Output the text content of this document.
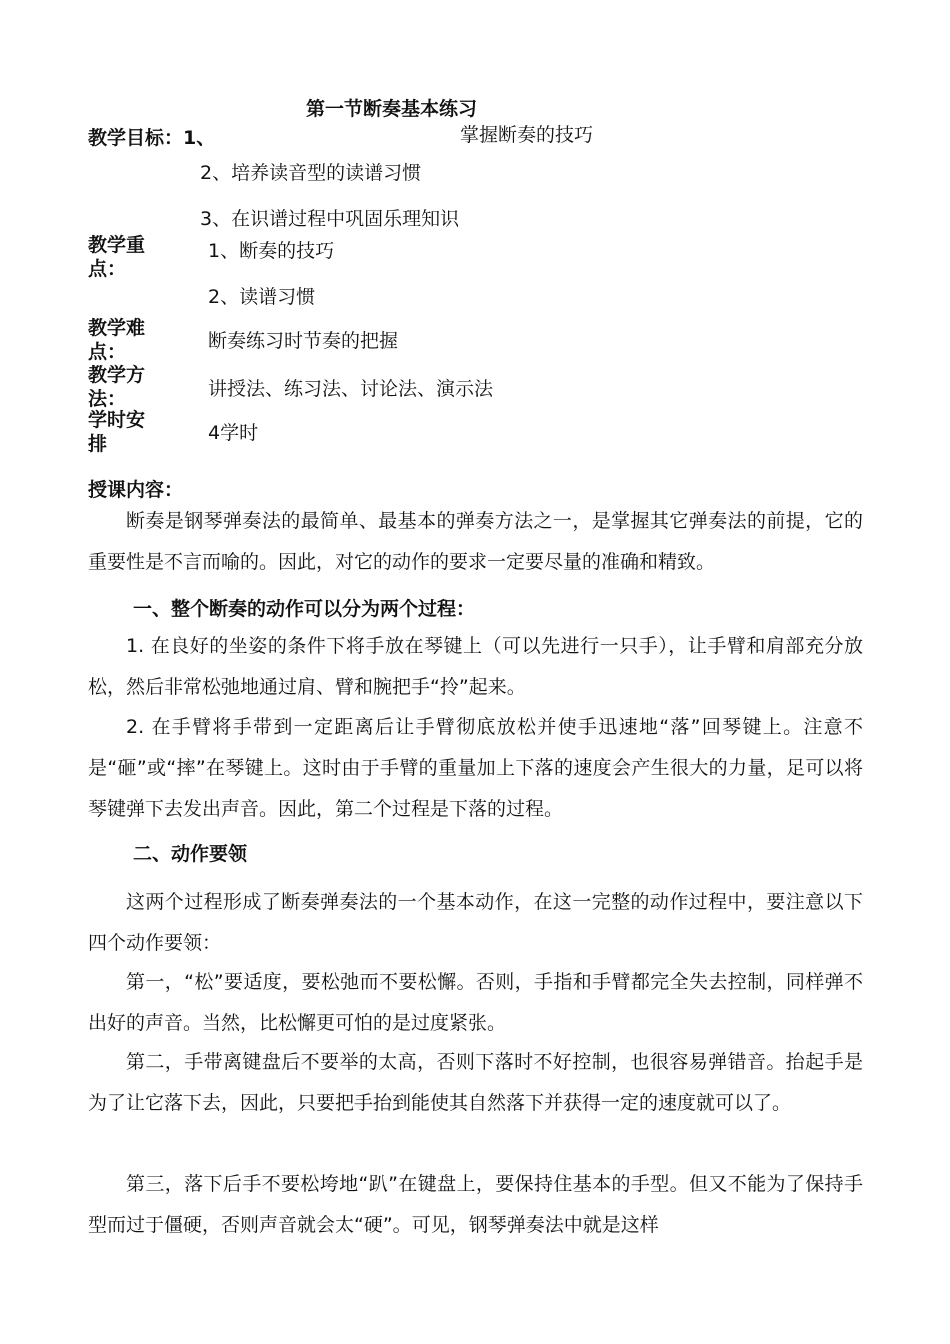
第一节断奏基本练习
教学目标：1、	掌握断奏的技巧
2、培养读音型的读谱习惯
3、在识谱过程中巩固乐理知识
教学重点：
1、断奏的技巧
2、读谱习惯
教学难点：	断奏练习时节奏的把握
教学方法：	讲授法、练习法、讨论法、演示法
学时安排	4学时
授课内容：

断奏是钢琴弹奏法的最简单、最基本的弹奏方法之一，是掌握其它弹奏法的前提，它的重要性是不言而喻的。因此，对它的动作的要求一定要尽量的准确和精致。

一、整个断奏的动作可以分为两个过程：

1. 在良好的坐姿的条件下将手放在琴键上（可以先进行一只手），让手臂和肩部充分放松，然后非常松弛地通过肩、臂和腕把手“拎”起来。

2. 在手臂将手带到一定距离后让手臂彻底放松并使手迅速地“落”回琴键上。注意不是“砸”或“摔”在琴键上。这时由于手臂的重量加上下落的速度会产生很大的力量，足可以将琴键弹下去发出声音。因此，第二个过程是下落的过程。

二、动作要领

这两个过程形成了断奏弹奏法的一个基本动作，在这一完整的动作过程中，要注意以下四个动作要领：

第一，“松”要适度，要松弛而不要松懈。否则，手指和手臂都完全失去控制，同样弹不出好的声音。当然，比松懈更可怕的是过度紧张。

第二，手带离键盘后不要举的太高，否则下落时不好控制，也很容易弹错音。抬起手是为了让它落下去，因此，只要把手抬到能使其自然落下并获得一定的速度就可以了。

第三，落下后手不要松垮地“趴”在键盘上，要保持住基本的手型。但又不能为了保持手型而过于僵硬，否则声音就会太“硬”。可见，钢琴弹奏法中就是这样
